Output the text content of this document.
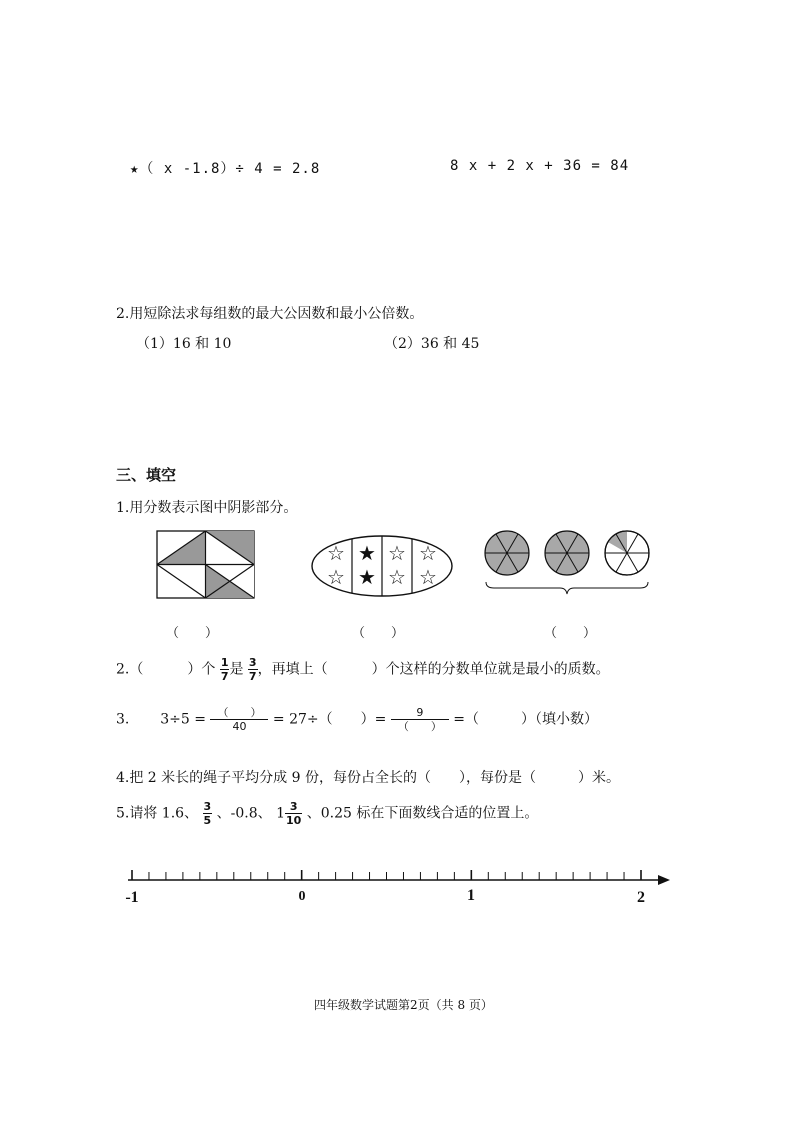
★（ x -1.8）÷ 4 = 2.8	8 x + 2 x + 36 = 84
2.用短除法求每组数的最大公因数和最小公倍数。
（1）16 和 10	（2）36 和 45
三、填空
1.用分数表示图中阴影部分。
☆
☆
★
★
☆
☆
☆
☆
（　　）	（　　）	（　　）
2.（	）个 $\frac{1}{7}$ 是 $\frac{3}{7}$ ，再填上（	）个这样的分数单位就是最小的质数。
3. $3\div 5 = \frac{( )}{40} = 27\div$（　　）= $\frac{9}{( )}$ =（　　　）（填小数）
4.把 2 米长的绳子平均分成 9 份，每份占全长的（　　），每份是（　　　）米。
5.请将 1.6、 $\frac{3}{5}$ 、-0.8、 $1 \frac{3}{10}$ 、0.25 标在下面数线合适的位置上。
-1	0	1	2
四年级数学试题第2页（共 8 页）
